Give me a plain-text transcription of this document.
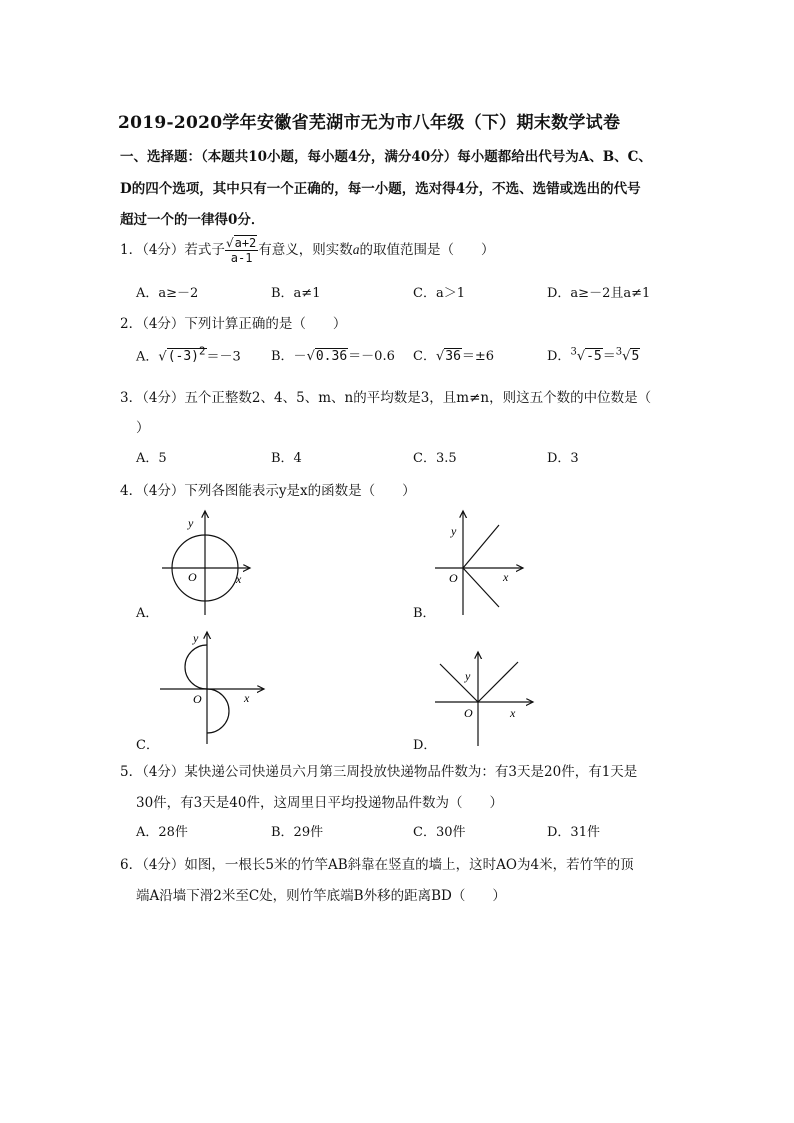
2019-2020学年安徽省芜湖市无为市八年级（下）期末数学试卷
一、选择题：（本题共10小题，每小题4分，满分40分）每小题都给出代号为A、B、C、
D的四个选项，其中只有一个正确的，每一小题，选对得4分，不选、选错或选出的代号
超过一个的一律得0分．
1．（4分）若式子 $\frac{√a+2}{a-1}$ 有意义，则实数a的取值范围是（　　）
A．a≥－2	B．a≠1	C．a＞1	D．a≥－2且a≠1
2．（4分）下列计算正确的是（　　）
A．$√(-3)^2=-3$ B．－√0.36＝－0.6 C．√36＝±6	D．$^3$√-5＝$^3$√5
3．（4分）五个正整数2、4、5、m、n的平均数是3，且m≠n，则这五个数的中位数是（
）
A．5	B．4	C．3.5	D．3
4．（4分）下列各图能表示y是x的函数是（　　）
y
x
O
A．
y
x
O
B．
y
x
O
C．
y
x
O
D．
5．（4分）某快递公司快递员六月第三周投放快递物品件数为：有3天是20件，有1天是
30件，有3天是40件，这周里日平均投递物品件数为（　　）
A．28件	B．29件	C．30件	D．31件
6．（4分）如图，一根长5米的竹竿AB斜靠在竖直的墙上，这时AO为4米，若竹竿的顶
端A沿墙下滑2米至C处，则竹竿底端B外移的距离BD（　　）
